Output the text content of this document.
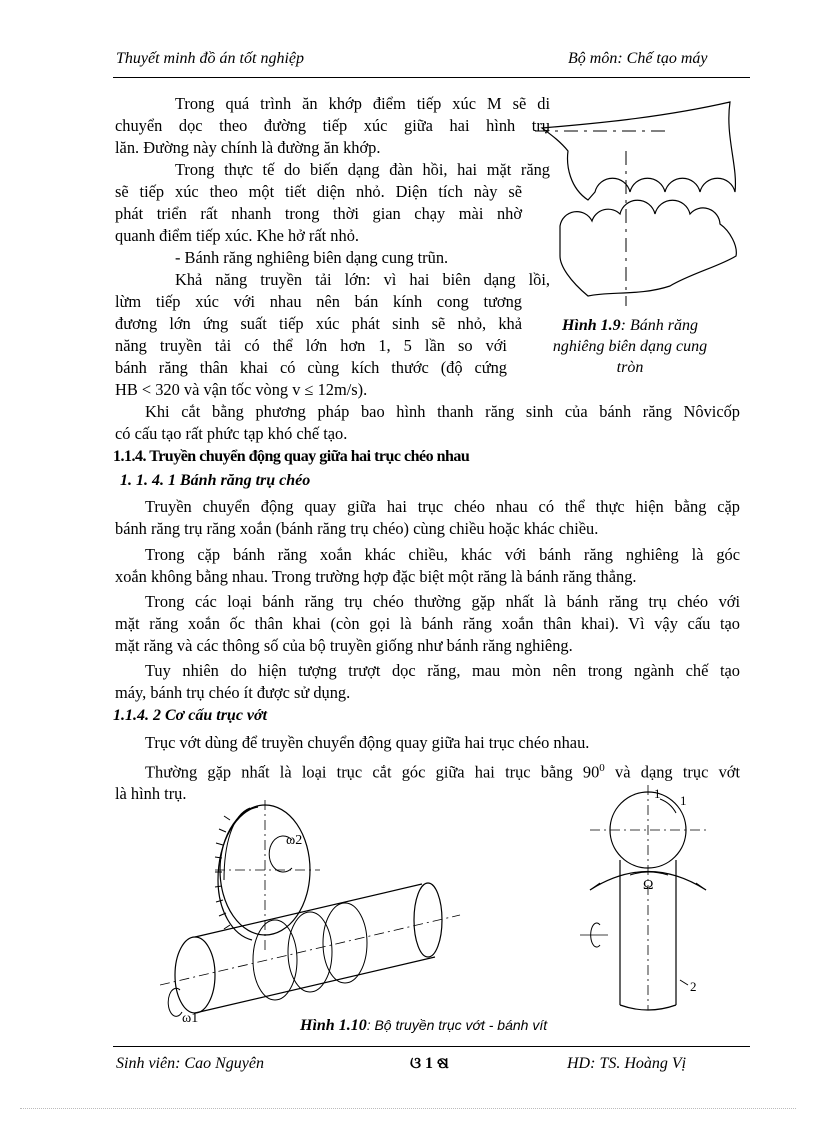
Thuyết minh đồ án tốt nghiệp	Bộ môn: Chế tạo máy
Trong quá trình ăn khớp điểm tiếp xúc M sẽ di
chuyển dọc theo đường tiếp xúc giữa hai hình trụ
lăn. Đường này chính là đường ăn khớp.
Trong thực tế do biến dạng đàn hồi, hai mặt răng
sẽ tiếp xúc theo một tiết diện nhỏ. Diện tích này sẽ
phát triển rất nhanh trong thời gian chạy mài nhờ
quanh điểm tiếp xúc. Khe hở rất nhỏ.
- Bánh răng nghiêng biên dạng cung trũn.
Khả năng truyền tải lớn: vì hai biên dạng lồi,
lừm tiếp xúc với nhau nên bán kính cong tương
đương lớn ứng suất tiếp xúc phát sinh sẽ nhỏ, khả
năng truyền tải có thể lớn hơn 1, 5 lần so với
bánh răng thân khai có cùng kích thước (độ cứng
HB < 320 và vận tốc vòng v ≤ 12m/s).
Hình 1.9: Bánh răng
nghiêng biên dạng cung
tròn
Khi cắt bằng phương pháp bao hình thanh răng sinh của bánh răng Nôvicốp
có cấu tạo rất phức tạp khó chế tạo.
1.1.4. Truyền chuyển động quay giữa hai trục chéo nhau
1. 1. 4. 1 Bánh răng trụ chéo
Truyền chuyển động quay giữa hai trục chéo nhau có thể thực hiện bằng cặp
bánh răng trụ răng xoắn (bánh răng trụ chéo) cùng chiều hoặc khác chiều.
Trong cặp bánh răng xoắn khác chiều, khác với bánh răng nghiêng là góc
xoắn không bằng nhau. Trong trường hợp đặc biệt một răng là bánh răng thẳng.
Trong các loại bánh răng trụ chéo thường gặp nhất là bánh răng trụ chéo với
mặt răng xoắn ốc thân khai (còn gọi là bánh răng xoắn thân khai). Vì vậy cấu tạo
mặt răng và các thông số của bộ truyền giống như bánh răng nghiêng.
Tuy nhiên do hiện tượng trượt dọc răng, mau mòn nên trong ngành chế tạo
máy, bánh trụ chéo ít được sử dụng.
1.1.4. 2 Cơ cấu trục vớt
Trục vớt dùng để truyền chuyển động quay giữa hai trục chéo nhau.
Thường gặp nhất là loại trục cắt góc giữa hai trục bằng $90^0$ và dạng trục vớt
là hình trụ.
ω2
ω1
1 1
Ω
2
Hình 1.10: Bộ truyền trục vớt - bánh vít
Sinh viên: Cao Nguyên	ଓ 1 ଷ	HD: TS. Hoàng Vị
